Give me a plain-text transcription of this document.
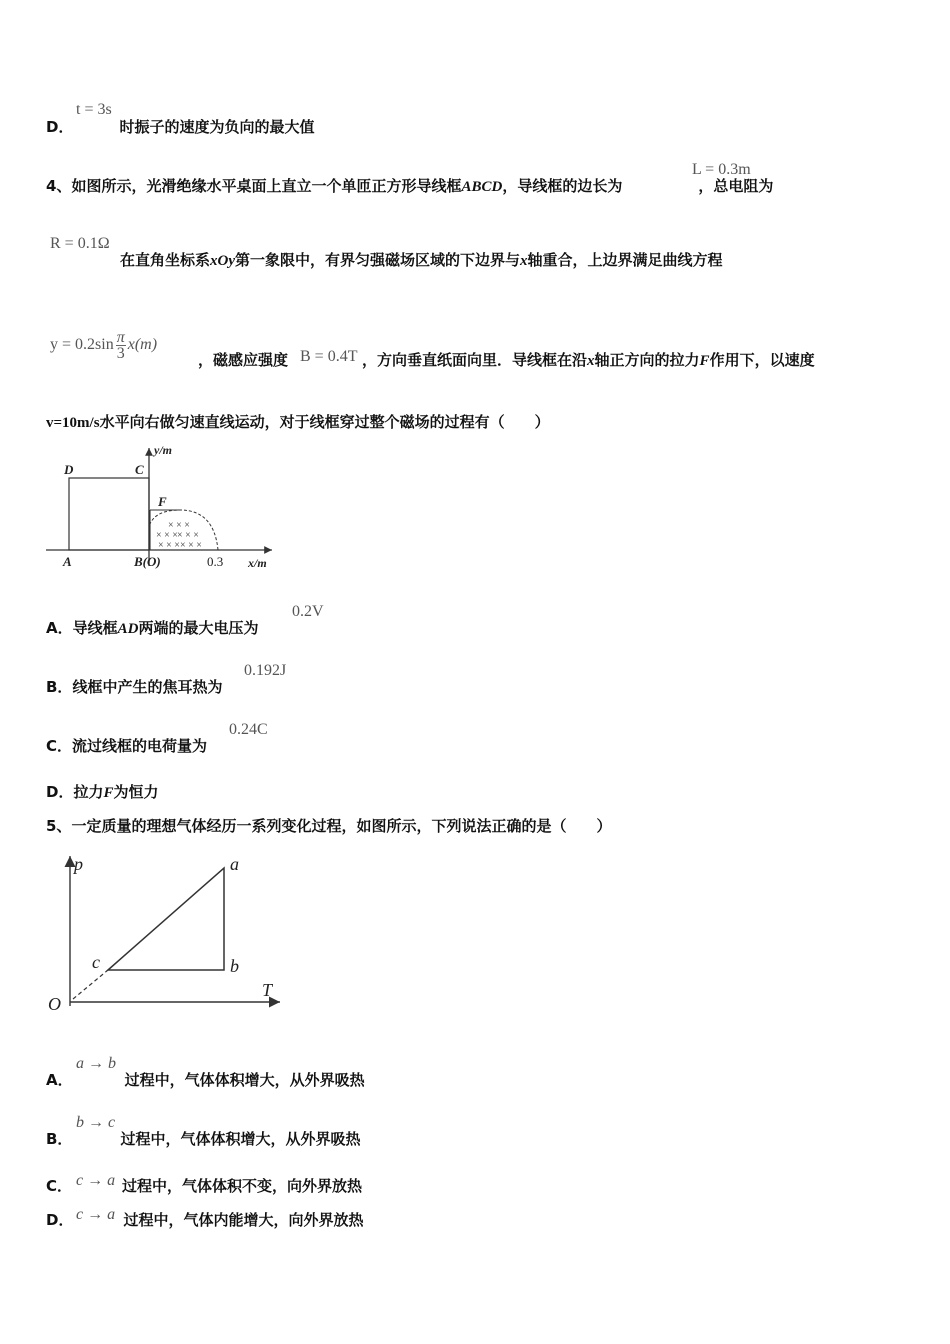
t = 3s
D．	时振子的速度为负向的最大值
L = 0.3m
4、如图所示，光滑绝缘水平桌面上直立一个单匝正方形导线框ABCD，导线框的边长为	，总电阻为
R = 0.1Ω
在直角坐标系xOy第一象限中，有界匀强磁场区域的下边界与x轴重合，上边界满足曲线方程
$y = 0.2\sin \frac{\pi}{3} x(m)$
B = 0.4T
，磁感应强度	，方向垂直纸面向里．导线框在沿x轴正方向的拉力F作用下，以速度
v=10m/s水平向右做匀速直线运动，对于线框穿过整个磁场的过程有（　　）
× × ×
× × × × × ×
× × × × × ×
D	C
F
A	B(O)
y/m
x/m
0.3
0.2V
A．导线框AD两端的最大电压为
0.192J
B．线框中产生的焦耳热为
0.24C
C．流过线框的电荷量为
D．拉力F为恒力
5、一定质量的理想气体经历一系列变化过程，如图所示，下列说法正确的是（　　）
p
T
O
a
b
c
a → b
A．	过程中，气体体积增大，从外界吸热
b → c
B．	过程中，气体体积增大，从外界吸热
c → a
C．	过程中，气体体积不变，向外界放热
c → a
D．	过程中，气体内能增大，向外界放热
